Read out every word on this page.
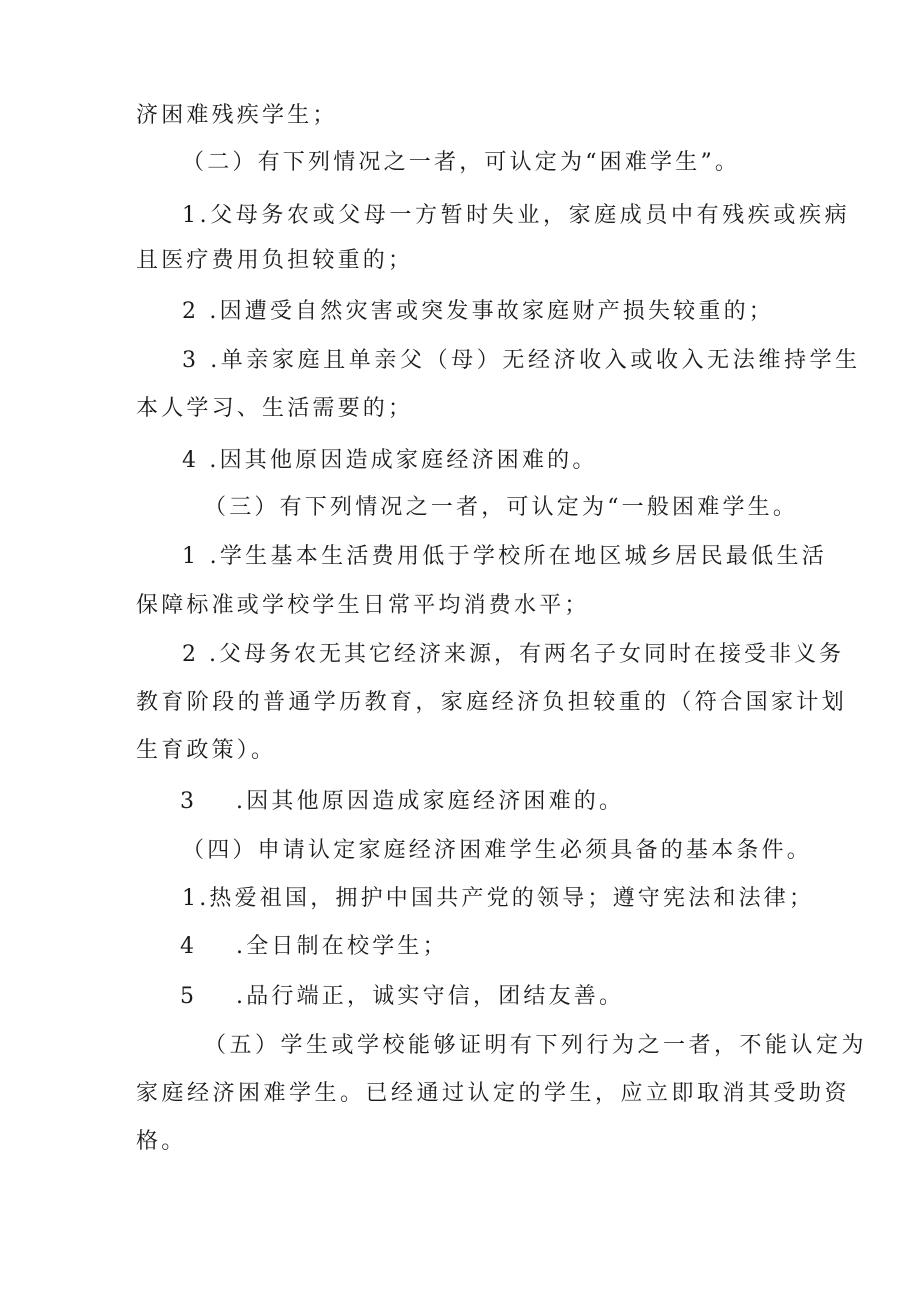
济困难残疾学生；
（二）有下列情况之一者，可认定为“困难学生”。
1.父母务农或父母一方暂时失业，家庭成员中有残疾或疾病
且医疗费用负担较重的；
2 .因遭受自然灾害或突发事故家庭财产损失较重的；
3 .单亲家庭且单亲父（母）无经济收入或收入无法维持学生
本人学习、生活需要的；
4 .因其他原因造成家庭经济困难的。
（三）有下列情况之一者，可认定为“一般困难学生。
1 .学生基本生活费用低于学校所在地区城乡居民最低生活
保障标准或学校学生日常平均消费水平；
2 .父母务农无其它经济来源，有两名子女同时在接受非义务
教育阶段的普通学历教育，家庭经济负担较重的（符合国家计划
生育政策）。
3 .因其他原因造成家庭经济困难的。
（四）申请认定家庭经济困难学生必须具备的基本条件。
1.热爱祖国，拥护中国共产党的领导；遵守宪法和法律；
4 .全日制在校学生；
5 .品行端正，诚实守信，团结友善。
（五）学生或学校能够证明有下列行为之一者，不能认定为
家庭经济困难学生。已经通过认定的学生，应立即取消其受助资
格。
